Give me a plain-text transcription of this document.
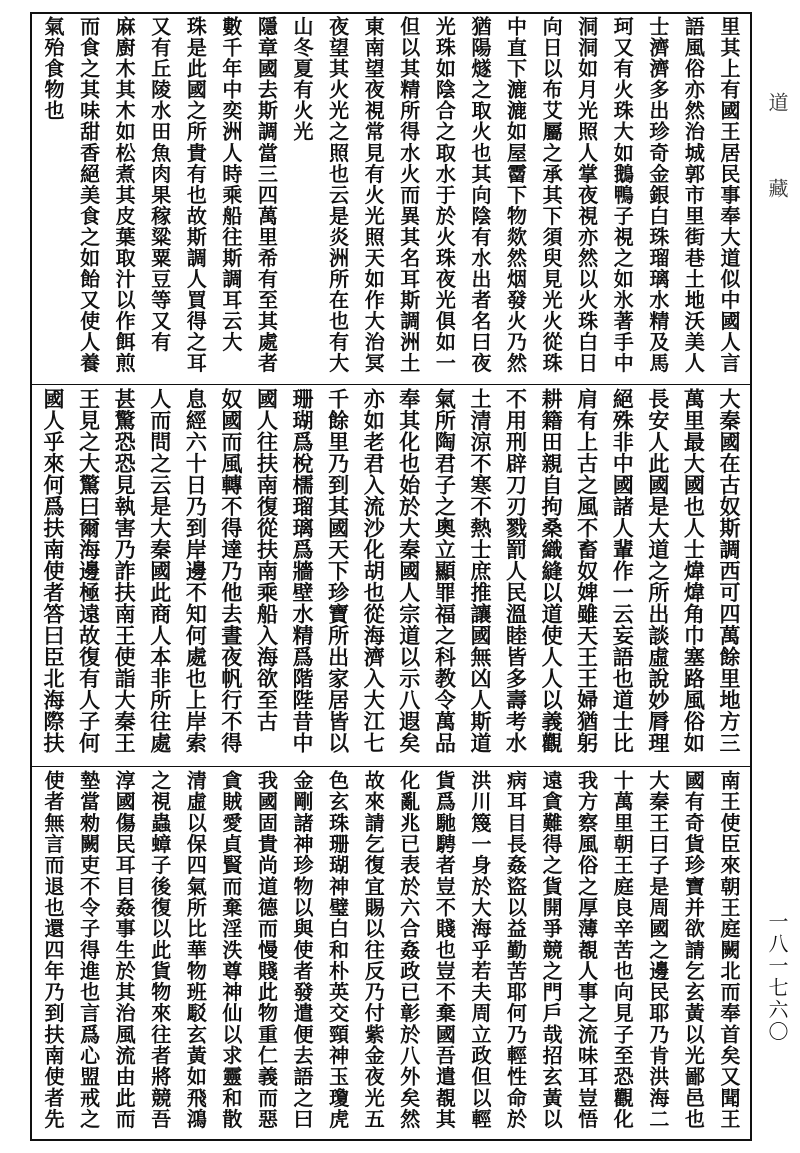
里其上有國王居民事奉大道似中國人言
語風俗亦然治城郭市里街巷土地沃美人
士濟濟多出珍奇金銀白珠瑠璃水精及馬
珂又有火珠大如鵝鴨子視之如氷著手中
洞洞如月光照人掌夜視亦然以火珠白日
向日以布艾屬之承其下須臾見光火從珠
中直下漉漉如屋霤下物欻然烟發火乃然
猶陽燧之取火也其向陰有水出者名曰夜
光珠如陰合之取水于於火珠夜光俱如一
但以其精所得水火而異其名耳斯調洲土
東南望夜視常見有火光照天如作大治冥
夜望其火光之照也云是炎洲所在也有大
山冬夏有火光
隱章國去斯調當三四萬里希有至其處者
數千年中奕洲人時乘船往斯調耳云大
珠是此國之所貴有也故斯調人買得之耳
又有丘陵水田魚肉果稼粱粟豆等又有
麻廚木其木如松煮其皮葉取汁以作餌煎
而食之其味甜香絕美食之如飴又使人養
氣殆食物也
大秦國在古奴斯調西可四萬餘里地方三
萬里最大國也人士煒煒角巾塞路風俗如
長安人此國是大道之所出談虛說妙脣理
絕殊非中國諸人輩作一云妄語也道士比
肩有上古之風不畜奴婢雖天王王婦猶躬
耕籍田親自拘桑織縫以道使人人以義觀
不用刑辟刀刃戮罰人民溫睦皆多壽考水
土清涼不寒不熱士庶推讓國無凶人斯道
氣所陶君子之奧立顯罪福之科教令萬品
奉其化也始於大秦國人宗道以示八遐矣
亦如老君入流沙化胡也從海濟入大江七
千餘里乃到其國天下珍寶所出家居皆以
珊瑚爲梲檽瑠璃爲牆壁水精爲階陛昔中
國人往扶南復從扶南乘船入海欲至古
奴國而風轉不得達乃他去晝夜帆行不得
息經六十日乃到岸邊不知何處也上岸索
人而問之云是大秦國此商人本非所往處
甚驚恐恐見執害乃詐扶南王使詣大秦王
王見之大驚曰爾海邊極遠故復有人子何
國人乎來何爲扶南使者答曰臣北海際扶
南王使臣來朝王庭闕北而奉首矣又聞王
國有奇貨珍寶并欲請乞玄黃以光鄙邑也
大秦王曰子是周國之邊民耶乃肯洪海二
十萬里朝王庭良辛苦也向見子至恐觀化
我方察風俗之厚薄覩人事之流味耳豈悟
遠貪難得之貨開爭競之門戶哉招玄黃以
病耳目長姦盜以益勤苦耶何乃輕性命於
洪川篾一身於大海乎若夫周立政但以輕
貨爲馳騁者豈不賤也豈不棄國吾遣覩其
化亂兆已表於六合姦政已彰於八外矣然
故來請乞復宜賜以往反乃付紫金夜光五
色玄珠珊瑚神璧白和朴英交頸神玉瓊虎
金剛諸神珍物以與使者發遣便去語之曰
我國固貴尚道德而慢賤此物重仁義而惡
貪賊愛貞賢而棄淫泆尊神仙以求靈和散
清虛以保四氣所比華物班駁玄黃如飛鴻
之視蟲蟑子後復以此貨物來往者將競吾
淳國傷民耳目姦事生於其治風流由此而
墊當勑闕吏不令子得進也言爲心盟戒之
使者無言而退也還四年乃到扶南使者先
道
藏
一八一七六〇
